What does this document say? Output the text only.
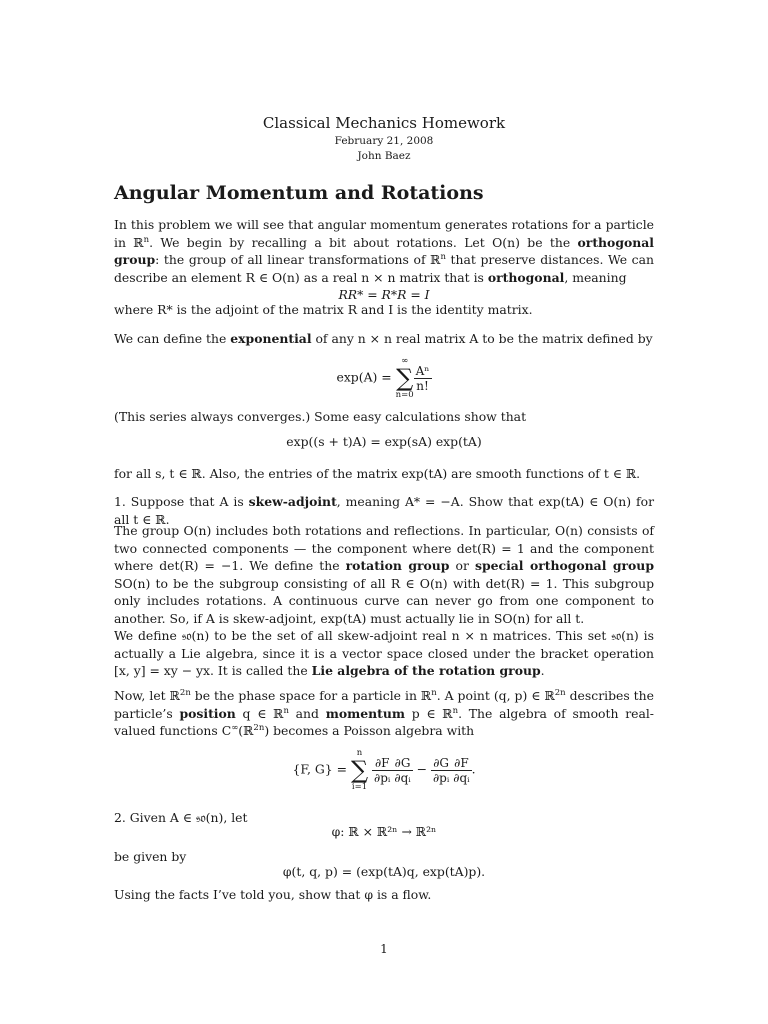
Classical Mechanics Homework
February 21, 2008
John Baez
Angular Momentum and Rotations
In this problem we will see that angular momentum generates rotations for a particle in ℝ$^n$. We begin by recalling a bit about rotations. Let O(n) be the orthogonal group: the group of all linear transformations of ℝ$^n$ that preserve distances. We can describe an element R ∈ O(n) as a real n × n matrix that is orthogonal, meaning
RR* = R*R = I
where R* is the adjoint of the matrix R and I is the identity matrix.
We can define the exponential of any n × n real matrix A to be the matrix defined by
exp(A) =
∞
∑
n=0
$\frac{\text{Aⁿ}}{n!}$
(This series always converges.) Some easy calculations show that
exp((s + t)A) = exp(sA) exp(tA)
for all s, t ∈ ℝ. Also, the entries of the matrix exp(tA) are smooth functions of t ∈ ℝ.
1. Suppose that A is skew-adjoint, meaning A* = −A. Show that exp(tA) ∈ O(n) for all t ∈ ℝ.
The group O(n) includes both rotations and reflections. In particular, O(n) consists of two connected components — the component where det(R) = 1 and the component where det(R) = −1. We define the rotation group or special orthogonal group SO(n) to be the subgroup consisting of all R ∈ O(n) with det(R) = 1. This subgroup only includes rotations. A continuous curve can never go from one component to another. So, if A is skew-adjoint, exp(tA) must actually lie in SO(n) for all t.
We define 𝔰𝔬(n) to be the set of all skew-adjoint real n × n matrices. This set 𝔰𝔬(n) is actually a Lie algebra, since it is a vector space closed under the bracket operation [x, y] = xy − yx. It is called the Lie algebra of the rotation group.
Now, let ℝ$^{2n}$ be the phase space for a particle in ℝ$^n$. A point (q, p) ∈ ℝ$^{2n}$ describes the particle’s position q ∈ ℝ$^n$ and momentum p ∈ ℝ$^n$. The algebra of smooth real-valued functions C∞(ℝ$^{2n}$) becomes a Poisson algebra with
{F, G} =
n
∑
i=1

$\frac{\partial F}{\text{∂pᵢ}} \frac{\partial G}{\text{∂qᵢ}} - \frac{\partial G}{\text{∂pᵢ}} \frac{\partial F}{\text{∂qᵢ}}$ .
2. Given A ∈ 𝔰𝔬(n), let
φ: ℝ × ℝ²ⁿ → ℝ²ⁿ
be given by
φ(t, q, p) = (exp(tA)q, exp(tA)p).
Using the facts I’ve told you, show that φ is a flow.
1
